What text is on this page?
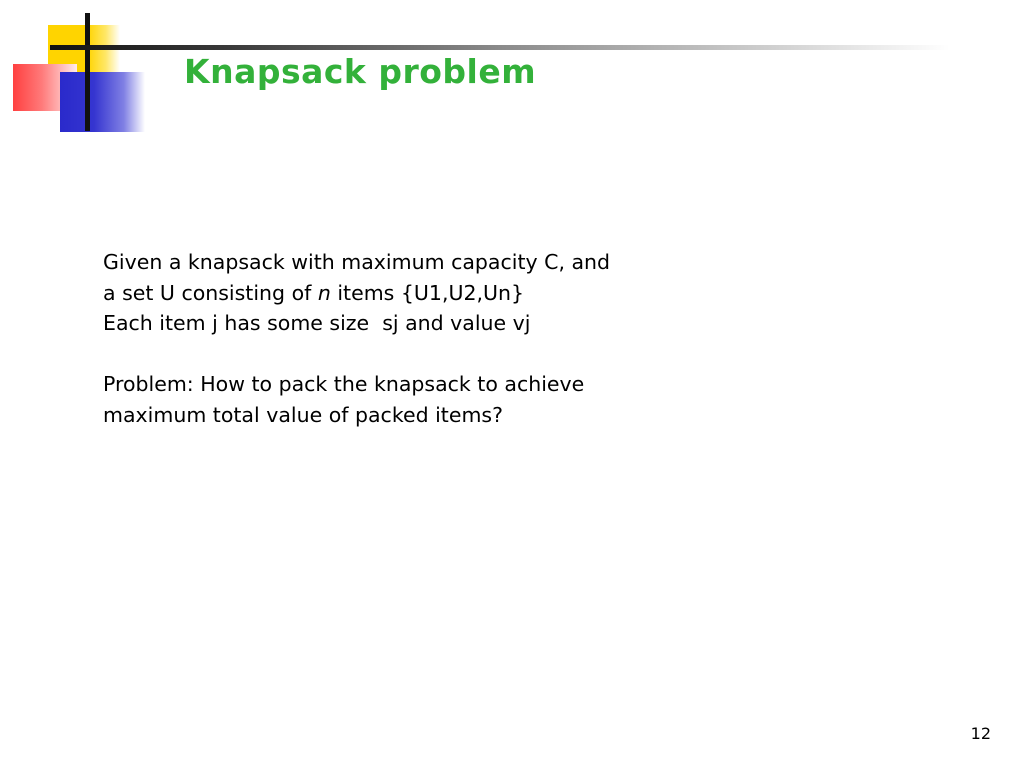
Knapsack problem
Given a knapsack with maximum capacity C, and
a set U consisting of n items {U1,U2,Un}
Each item j has some size  sj and value vj
Problem: How to pack the knapsack to achieve
maximum total value of packed items?
12
